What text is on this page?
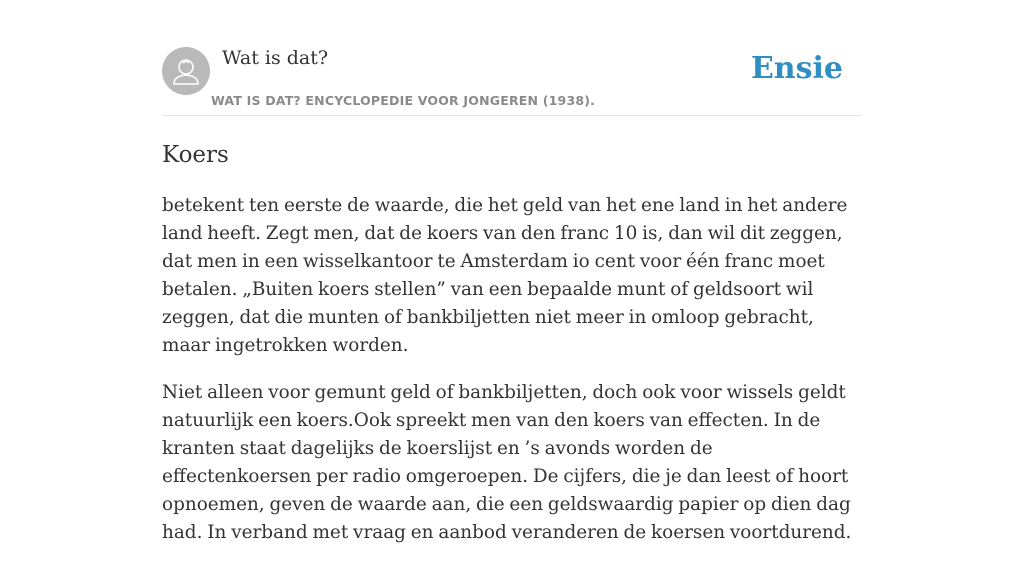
Wat is dat?
WAT IS DAT? ENCYCLOPEDIE VOOR JONGEREN (1938).
Ensie
Koers

betekent ten eerste de waarde, die het geld van het ene land in het andere land heeft. Zegt men, dat de koers van den franc 10 is, dan wil dit zeggen, dat men in een wisselkantoor te Amsterdam io cent voor één franc moet betalen. „Buiten koers stellen” van een bepaalde munt of geldsoort wil zeggen, dat die munten of bankbiljetten niet meer in omloop gebracht, maar ingetrokken worden.

Niet alleen voor gemunt geld of bankbiljetten, doch ook voor wissels geldt natuurlijk een koers.Ook spreekt men van den koers van effecten. In de kranten staat dagelijks de koerslijst en ’s avonds worden de effectenkoersen per radio omgeroepen. De cijfers, die je dan leest of hoort opnoemen, geven de waarde aan, die een geldswaardig papier op dien dag had. In verband met vraag en aanbod veranderen de koersen voortdurend.
